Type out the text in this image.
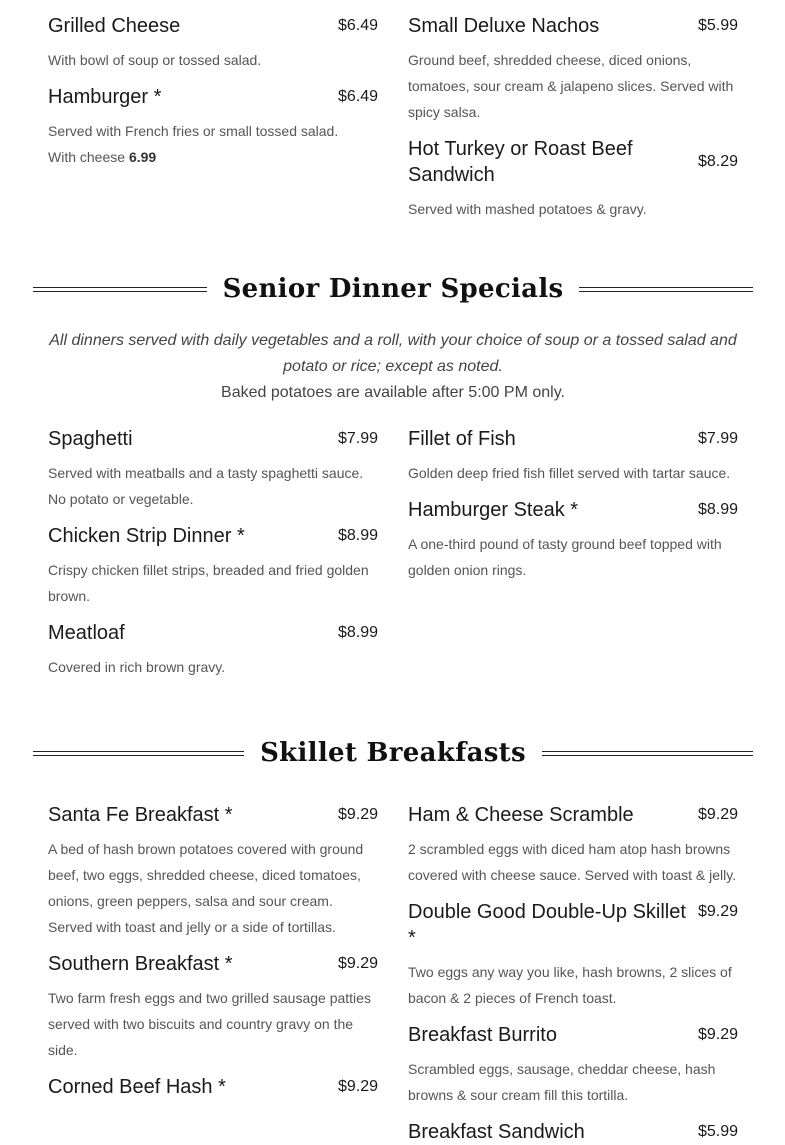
Grilled Cheese	$6.49
With bowl of soup or tossed salad.
Hamburger *	$6.49
Served with French fries or small tossed salad.
With cheese 6.99
Small Deluxe Nachos	$5.99
Ground beef, shredded cheese, diced onions, tomatoes, sour cream & jalapeno slices. Served with spicy salsa.
Hot Turkey or Roast Beef Sandwich
$8.29
Served with mashed potatoes & gravy.
Senior Dinner Specials
All dinners served with daily vegetables and a roll, with your choice of soup or a tossed salad and potato or rice; except as noted.
Baked potatoes are available after 5:00 PM only.
Spaghetti	$7.99
Served with meatballs and a tasty spaghetti sauce. No potato or vegetable.
Chicken Strip Dinner *	$8.99
Crispy chicken fillet strips, breaded and fried golden brown.
Meatloaf	$8.99
Covered in rich brown gravy.
Fillet of Fish	$7.99
Golden deep fried fish fillet served with tartar sauce.
Hamburger Steak *	$8.99
A one-third pound of tasty ground beef topped with golden onion rings.
Skillet Breakfasts
Santa Fe Breakfast *	$9.29
A bed of hash brown potatoes covered with ground beef, two eggs, shredded cheese, diced tomatoes, onions, green peppers, salsa and sour cream. Served with toast and jelly or a side of tortillas.
Southern Breakfast *	$9.29
Two farm fresh eggs and two grilled sausage patties served with two biscuits and country gravy on the side.
Corned Beef Hash *	$9.29
Ham & Cheese Scramble	$9.29
2 scrambled eggs with diced ham atop hash browns covered with cheese sauce. Served with toast & jelly.
Double Good Double-Up Skillet *
$9.29
Two eggs any way you like, hash browns, 2 slices of bacon & 2 pieces of French toast.
Breakfast Burrito	$9.29
Scrambled eggs, sausage, cheddar cheese, hash browns & sour cream fill this tortilla.
Breakfast Sandwich	$5.99
